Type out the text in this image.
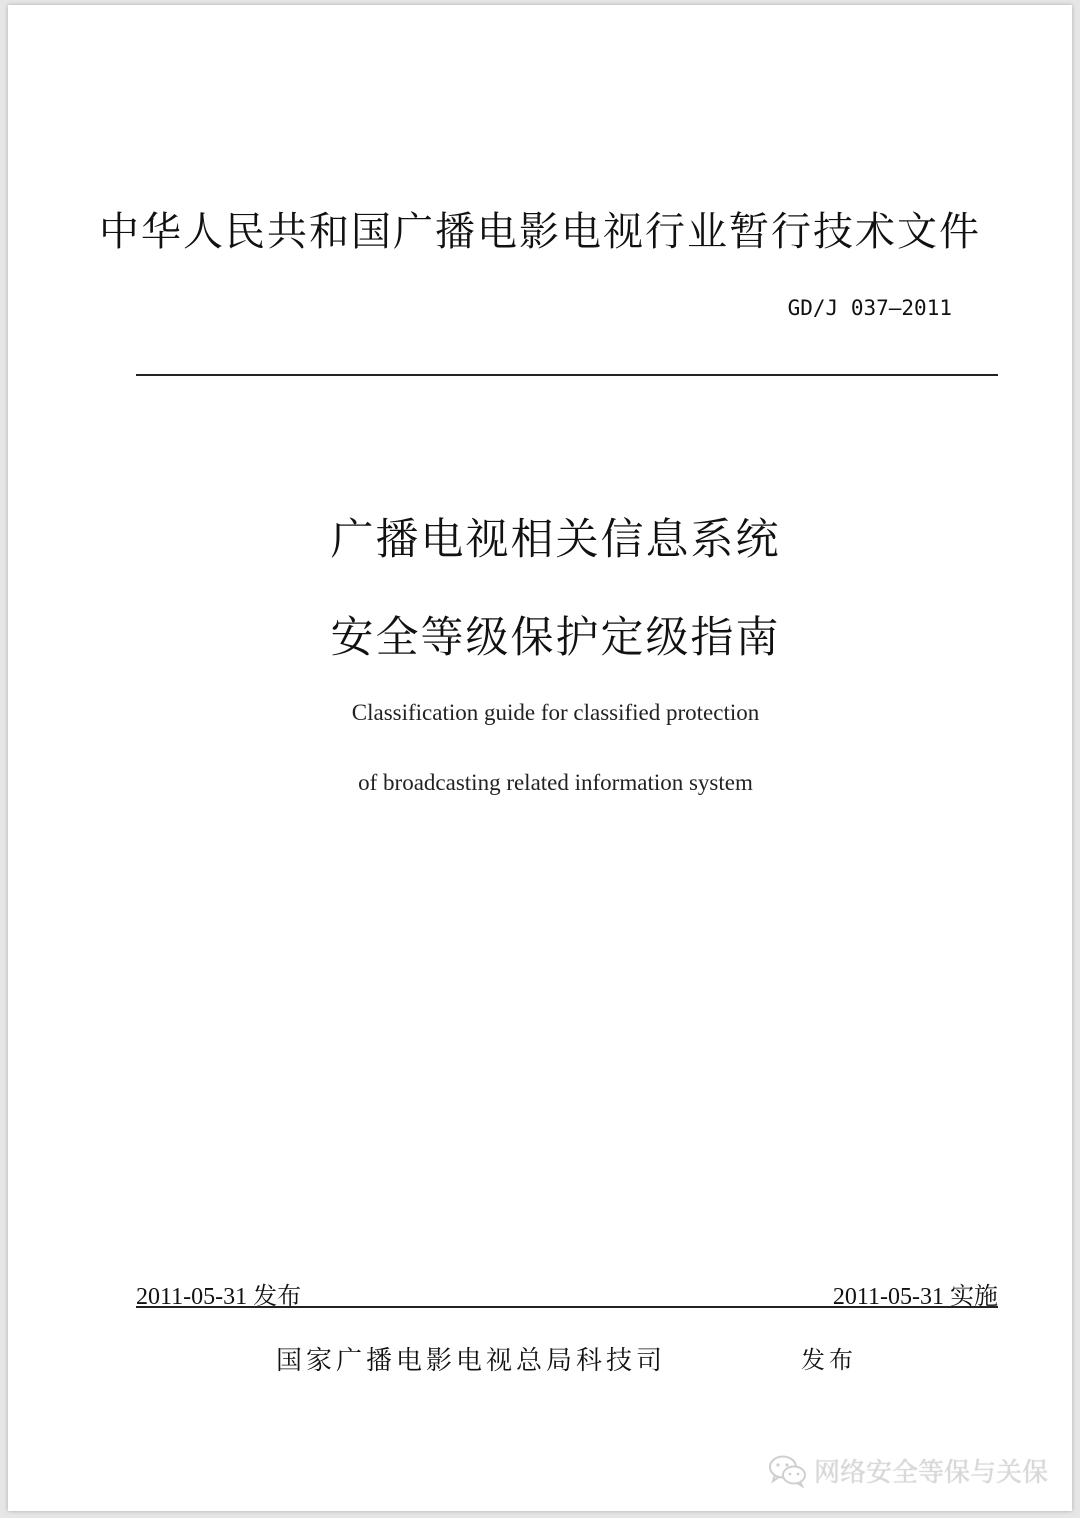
中华人民共和国广播电影电视行业暂行技术文件
GD/J 037—2011
广播电视相关信息系统
安全等级保护定级指南
Classification guide for classified protection
of broadcasting related information system
2011-05-31 发布	2011-05-31 实施
国家广播电影电视总局科技司	发布
网络安全等保与关保
